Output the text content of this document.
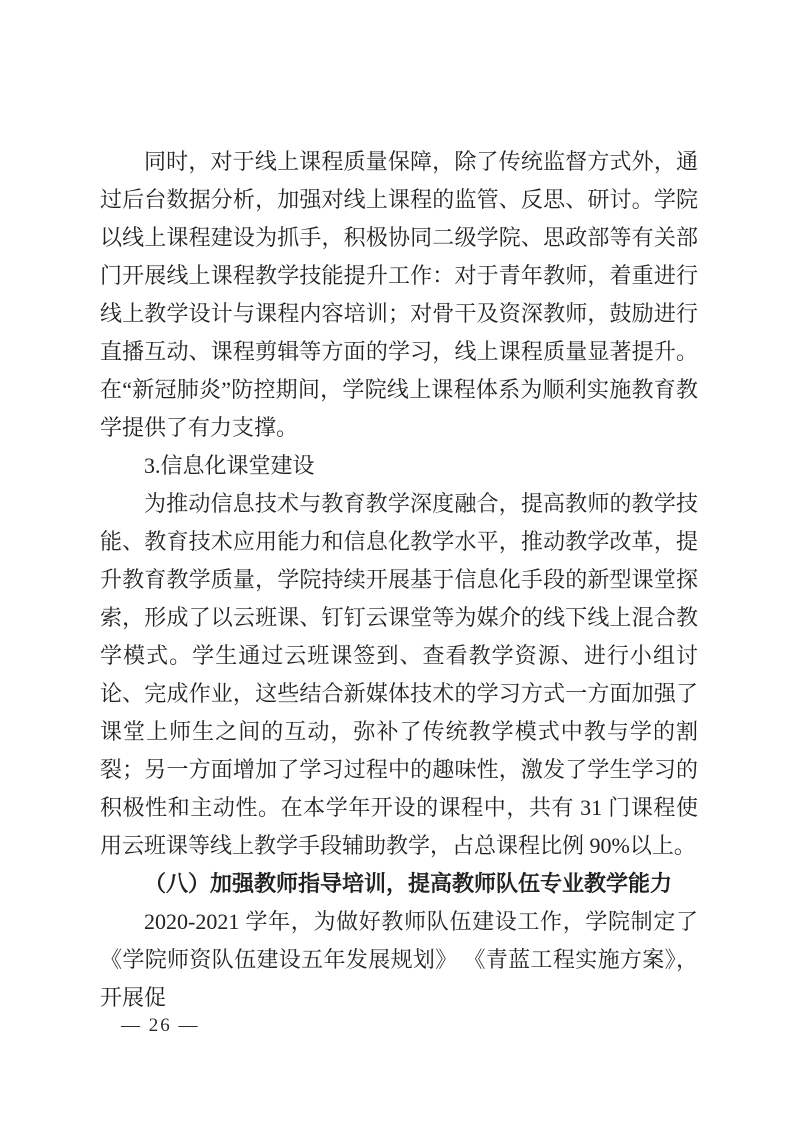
同时，对于线上课程质量保障，除了传统监督方式外，通过后台数据分析，加强对线上课程的监管、反思、研讨。学院以线上课程建设为抓手，积极协同二级学院、思政部等有关部门开展线上课程教学技能提升工作：对于青年教师，着重进行线上教学设计与课程内容培训；对骨干及资深教师，鼓励进行直播互动、课程剪辑等方面的学习，线上课程质量显著提升。在“新冠肺炎”防控期间，学院线上课程体系为顺利实施教育教学提供了有力支撑。

3.信息化课堂建设

为推动信息技术与教育教学深度融合，提高教师的教学技能、教育技术应用能力和信息化教学水平，推动教学改革，提升教育教学质量，学院持续开展基于信息化手段的新型课堂探索，形成了以云班课、钉钉云课堂等为媒介的线下线上混合教学模式。学生通过云班课签到、查看教学资源、进行小组讨论、完成作业，这些结合新媒体技术的学习方式一方面加强了课堂上师生之间的互动，弥补了传统教学模式中教与学的割裂；另一方面增加了学习过程中的趣味性，激发了学生学习的积极性和主动性。在本学年开设的课程中，共有 31 门课程使用云班课等线上教学手段辅助教学，占总课程比例 90%以上。

（八）加强教师指导培训，提高教师队伍专业教学能力

2020-2021 学年，为做好教师队伍建设工作，学院制定了《学院师资队伍建设五年发展规划》 《青蓝工程实施方案》，开展促

— 26 —
